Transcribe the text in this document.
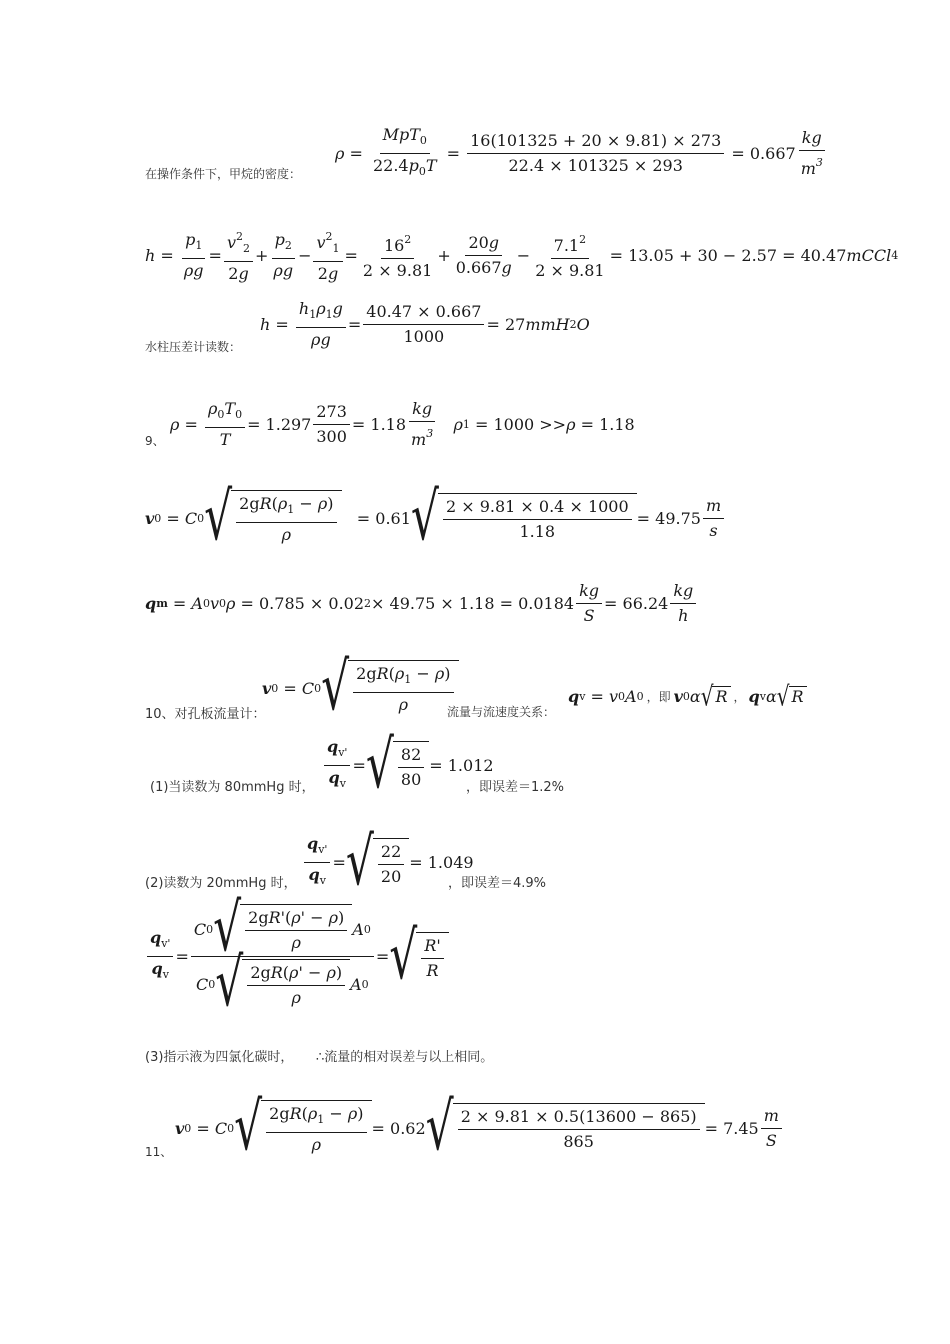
在操作条件下，甲烷的密度：
$\rho = \frac{MpT_0}{22.4p_0T} = \frac{16(101325 + 20 \times 9.81) \times 273}{22.4 \times 101325 \times 293} = 0.667 \frac{kg}{m^3}$
$h = \frac{p_1}{\rho g} = \frac{v^2_2}{2g} + \frac{p_2}{\rho g} - \frac{v^2_1}{2g} = \frac{16^2}{2 \times 9.81} + \frac{20g}{0.667g} - \frac{7.1^2}{2 \times 9.81} = 13.05 + 30 - 2.57 = 40.47$ mCCl 4
水柱压差计读数：
$h = \frac{h_1\rho_1g}{\rho g} = \frac{40.47 \times 0.667}{1000} = 27$ mmH 2 O
9、
$\rho = \frac{\rho_0T_0}{T} = 1.297 \frac{273}{300} = 1.18 \frac{kg}{m^3}$
ρ 1 = 1000 >> ρ = 1.18
v 0 = C 0 √ $\frac{2gR(\rho_1 - \rho)}{\rho} = 0.61$ √ $\frac{2 \times 9.81 \times 0.4 \times 1000}{1.18} = 49.75 \frac{m}{s}$
q m = A 0 v 0 ρ = 0.785 × 0.02 $2 \times 49.75 \times 1.18 = 0.0184 \frac{kg}{S} = 66.24 \frac{kg}{h}$
10、对孔板流量计：
v 0 = C 0 √ $\frac{2gR(\rho_1 - \rho)}{\rho}$
流量与流速度关系：
q v = v 0 A 0 ，即 v 0 α √ R ， q v α √ R
(1)当读数为 80mmHg 时， $\frac{q_{v'}}{q_v}$ = √ $\frac{82}{80} = 1.012$
，即误差＝1.2%
(2)读数为 20mmHg 时， $\frac{q_{v'}}{q_v}$ = √ $\frac{22}{20} = 1.049$
，即误差＝4.9%
$\frac{q_{v'}}{q_v} = \frac{C 0 √ \frac{2gR'(\rho' - \rho)}{\rho} A 0}{C 0 √ \frac{2gR(\rho' - \rho)}{\rho} A 0}$ = √ $\frac{R'}{R}$
(3)指示液为四氯化碳时， ∴流量的相对误差与以上相同。
11、
v 0 = C 0 √ $\frac{2gR(\rho_1 - \rho)}{\rho} = 0.62$ √ $\frac{2 \times 9.81 \times 0.5(13600 - 865)}{865} = 7.45 \frac{m}{S}$
